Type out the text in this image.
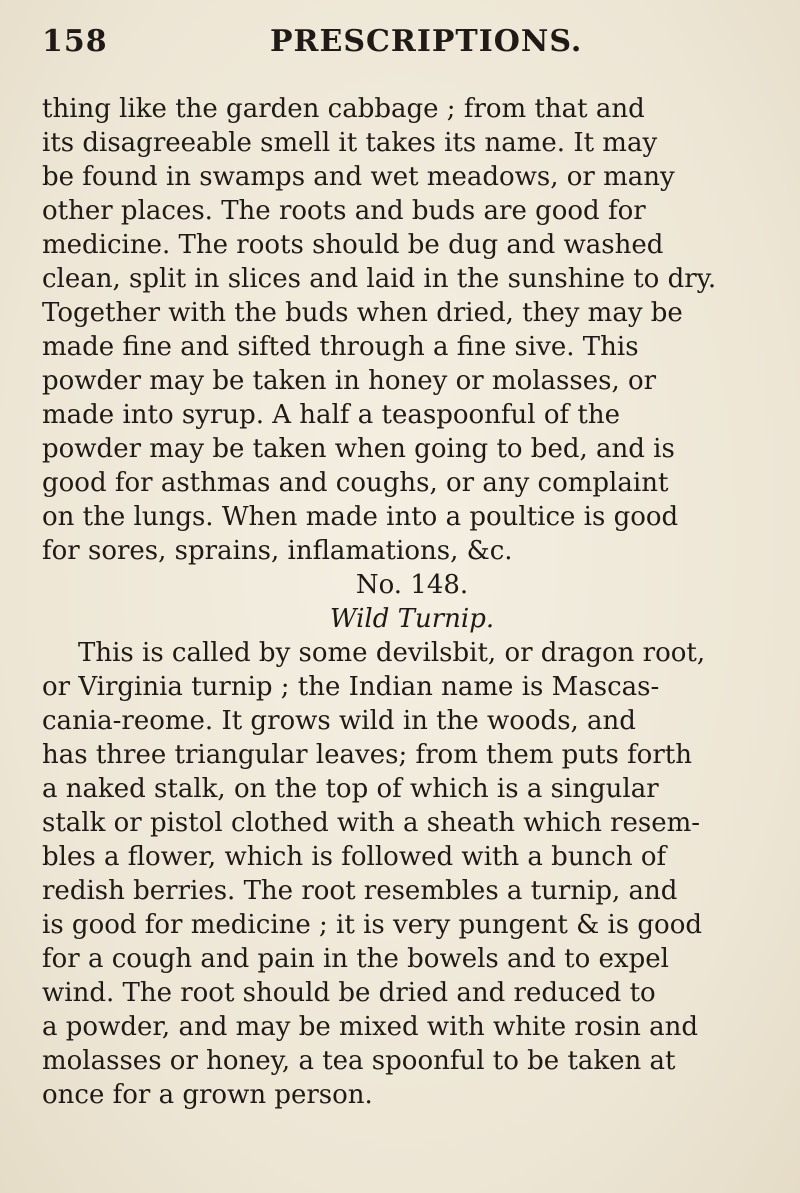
158	PRESCRIPTIONS.
thing like the garden cabbage ; from that and
its disagreeable smell it takes its name. It may
be found in swamps and wet meadows, or many
other places. The roots and buds are good for
medicine. The roots should be dug and washed
clean, split in slices and laid in the sunshine to dry.
Together with the buds when dried, they may be
made fine and sifted through a fine sive. This
powder may be taken in honey or molasses, or
made into syrup. A half a teaspoonful of the
powder may be taken when going to bed, and is
good for asthmas and coughs, or any complaint
on the lungs. When made into a poultice is good
for sores, sprains, inflamations, &c.
No. 148.
Wild Turnip.
This is called by some devilsbit, or dragon root,
or Virginia turnip ; the Indian name is Mascas-
cania-reome. It grows wild in the woods, and
has three triangular leaves; from them puts forth
a naked stalk, on the top of which is a singular
stalk or pistol clothed with a sheath which resem-
bles a flower, which is followed with a bunch of
redish berries. The root resembles a turnip, and
is good for medicine ; it is very pungent & is good
for a cough and pain in the bowels and to expel
wind. The root should be dried and reduced to
a powder, and may be mixed with white rosin and
molasses or honey, a tea spoonful to be taken at
once for a grown person.
